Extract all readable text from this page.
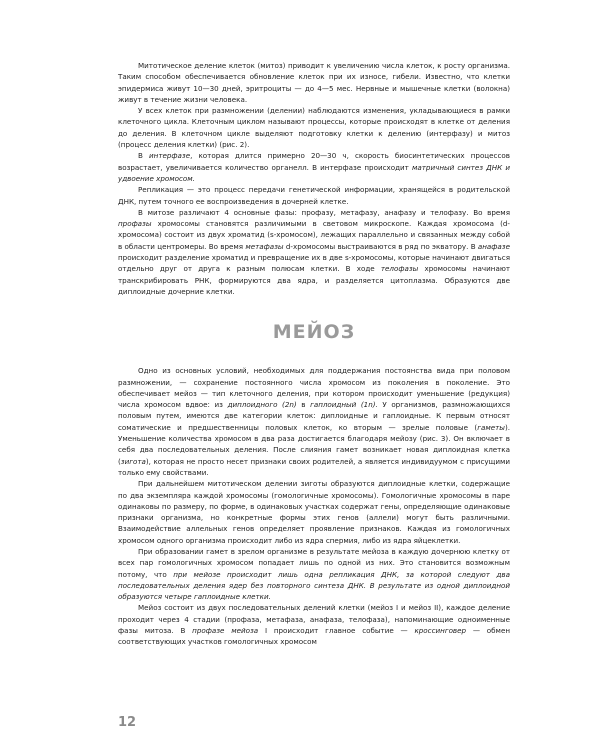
Митотическое деление клеток (митоз) приводит к увеличению числа клеток, к росту организма. Таким способом обеспечивается обновление клеток при их износе, гибели. Известно, что клетки эпидермиса живут 10—30 дней, эритроциты — до 4—5 мес. Нервные и мышечные клетки (волокна) живут в течение жизни человека.

У всех клеток при размножении (делении) наблюдаются изменения, укладывающиеся в рамки клеточного цикла. Клеточным циклом называют процессы, которые происходят в клетке от деления до деления. В клеточном цикле выделяют подготовку клетки к делению (интерфазу) и митоз (процесс деления клетки) (рис. 2).

В интерфазе, которая длится примерно 20—30 ч, скорость биосинтетических процессов возрастает, увеличивается количество органелл. В интерфазе происходит матричный синтез ДНК и удвоение хромосом.

Репликация — это процесс передачи генетической информации, хранящейся в родительской ДНК, путем точного ее воспроизведения в дочерней клетке.

В митозе различают 4 основные фазы: профазу, метафазу, анафазу и телофазу. Во время профазы хромосомы становятся различимыми в световом микроскопе. Каждая хромосома (d-хромосома) состоит из двух хроматид (s-хромосом), лежащих параллельно и связанных между собой в области центромеры. Во время метафазы d-хромосомы выстраиваются в ряд по экватору. В анафазе происходит разделение хроматид и превращение их в две s-хромосомы, которые начинают двигаться отдельно друг от друга к разным полюсам клетки. В ходе телофазы хромосомы начинают транскрибировать РНК, формируются два ядра, и разделяется цитоплазма. Образуются две диплоидные дочерние клетки.

МЕЙОЗ

Одно из основных условий, необходимых для поддержания постоянства вида при половом размножении, — сохранение постоянного числа хромосом из поколения в поколение. Это обеспечивает мейоз — тип клеточного деления, при котором происходит уменьшение (редукция) числа хромосом вдвое: из диплоидного (2n) в гаплоидный (1n). У организмов, размножающихся половым путем, имеются две категории клеток: диплоидные и гаплоидные. К первым относят соматические и предшественницы половых клеток, ко вторым — зрелые половые (гаметы). Уменьшение количества хромосом в два раза достигается благодаря мейозу (рис. 3). Он включает в себя два последовательных деления. После слияния гамет возникает новая диплоидная клетка (зигота), которая не просто несет признаки своих родителей, а является индивидуумом с присущими только ему свойствами.

При дальнейшем митотическом делении зиготы образуются диплоидные клетки, содержащие по два экземпляра каждой хромосомы (гомологичные хромосомы). Гомологичные хромосомы в паре одинаковы по размеру, по форме, в одинаковых участках содержат гены, определяющие одинаковые признаки организма, но конкретные формы этих генов (аллели) могут быть различными. Взаимодействие аллельных генов определяет проявление признаков. Каждая из гомологичных хромосом одного организма происходит либо из ядра спермия, либо из ядра яйцеклетки.

При образовании гамет в зрелом организме в результате мейоза в каждую дочернюю клетку от всех пар гомологичных хромосом попадает лишь по одной из них. Это становится возможным потому, что при мейозе происходит лишь одна репликация ДНК, за которой следуют два последовательных деления ядер без повторного синтеза ДНК. В результате из одной диплоидной образуются четыре гаплоидные клетки.

Мейоз состоит из двух последовательных делений клетки (мейоз I и мейоз II), каждое деление проходит через 4 стадии (профаза, метафаза, анафаза, телофаза), напоминающие одноименные фазы митоза. В профазе мейоза I происходит главное событие — кроссинговер — обмен соответствующих участков гомологичных хромосом

12
